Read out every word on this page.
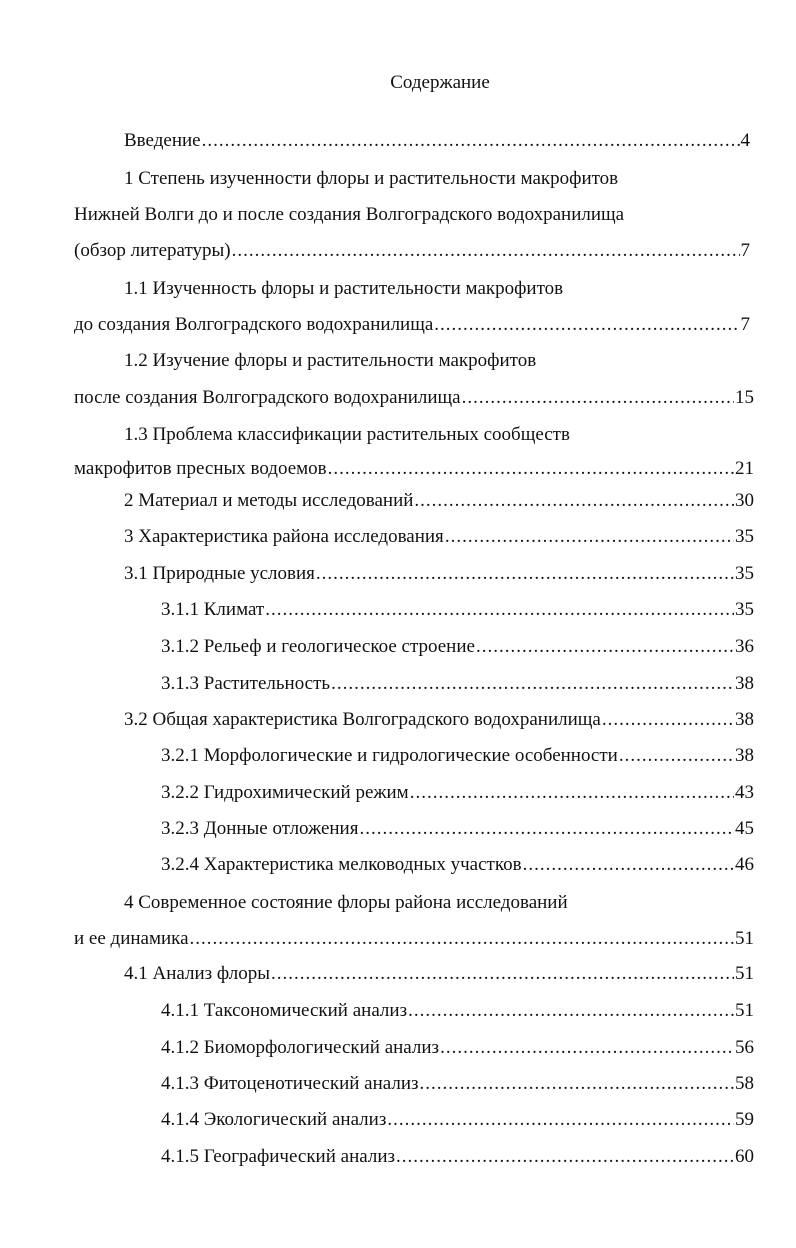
Содержание
Введение .....	4
1 Степень изученности флоры и растительности макрофитов
Нижней Волги до и после создания Волгоградского водохранилища
(обзор литературы) .....	7
1.1 Изученность флоры и растительности макрофитов
до создания Волгоградского водохранилища .....	7
1.2 Изучение флоры и растительности макрофитов
после создания Волгоградского водохранилища .....	15
1.3 Проблема классификации растительных сообществ
макрофитов пресных водоемов .....	21
2 Материал и методы исследований .....	30
3 Характеристика района исследования .....	35
3.1 Природные условия .....	35
3.1.1 Климат .....	35
3.1.2 Рельеф и геологическое строение .....	36
3.1.3 Растительность .....	38
3.2 Общая характеристика Волгоградского водохранилища .....	38
3.2.1 Морфологические и гидрологические особенности .....	38
3.2.2 Гидрохимический режим .....	43
3.2.3 Донные отложения .....	45
3.2.4 Характеристика мелководных участков .....	46
4 Современное состояние флоры района исследований
и ее динамика .....	51
4.1 Анализ флоры .....	51
4.1.1 Таксономический анализ .....	51
4.1.2 Биоморфологический анализ .....	56
4.1.3 Фитоценотический анализ .....	58
4.1.4 Экологический анализ .....	59
4.1.5 Географический анализ .....	60
